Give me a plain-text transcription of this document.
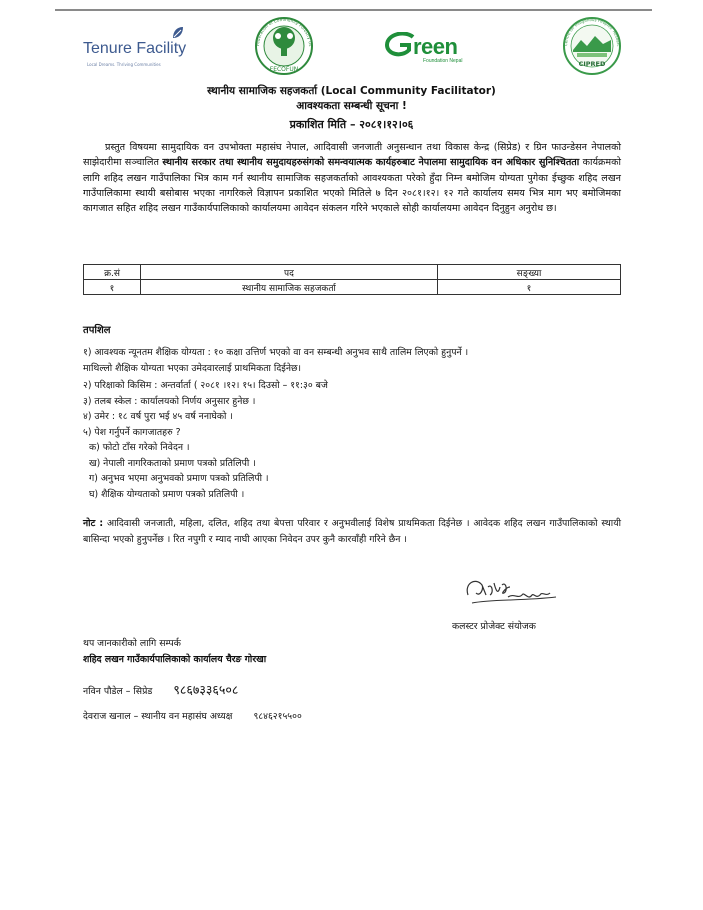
Tenure Facility
Local Dreams. Thriving Communities
Federation of Community Forestry Us
FECOFUN
reen
Foundation Nepal
Centre for Indigenous Peoples' Researc
CIPRED
स्थानीय सामाजिक सहजकर्ता (Local Community Facilitator)
आवश्यकता सम्बन्धी सूचना !
प्रकाशित मिति – २०८१।१२।०६
प्रस्तुत विषयमा सामुदायिक वन उपभोक्ता महासंघ नेपाल, आदिवासी जनजाती अनुसन्धान तथा विकास केन्द्र (सिप्रेड) र ग्रिन फाउन्डेसन नेपालको साझेदारीमा सञ्चालित स्थानीय सरकार तथा स्थानीय समुदायहरुसंगको समन्वयात्मक कार्यहरुबाट नेपालमा सामुदायिक वन अधिकार सुनिश्चितता कार्यक्रमको लागि शहिद लखन गाउँपालिका भित्र काम गर्न स्थानीय सामाजिक सहजकर्ताको आवश्यकता परेको हुँदा निम्न बमोजिम योग्यता पुगेका ईच्छुक शहिद लखन गाउँपालिकामा स्थायी बसोबास भएका नागरिकले विज्ञापन प्रकाशित भएको मितिले ७ दिन २०८१।१२। १२ गते कार्यालय समय भित्र माग भए बमोजिमका कागजात सहित शहिद लखन गाउँकार्यपालिकाको कार्यालयमा आवेदन संकलन गरिने भएकाले सोही कार्यालयमा आवेदन दिनुहुन अनुरोध छ।
क्र.सं	पद	सङ्ख्या
१	स्थानीय सामाजिक सहजकर्ता	१
तपशिल
१) आवश्यक न्यूनतम शैक्षिक योग्यता : १० कक्षा उत्तिर्ण भएको वा वन सम्बन्धी अनुभव साथै तालिम लिएको हुनुपर्ने ।
माथिल्लो शैक्षिक योग्यता भएका उमेदवारलाई प्राथमिकता दिईनेछ।
२) परिक्षाको किसिम : अन्तर्वार्ता ( २०८१ ।१२। १५। दिउसो – ११:३० बजे
३) तलब स्केल : कार्यालयको निर्णय अनुसार हुनेछ ।
४) उमेर : १८ वर्ष पुरा भई ४५ वर्ष ननाघेको ।
५) पेश गर्नुपर्ने कागजातहरु ?
क) फोटो टाँस गरेको निवेदन ।
ख) नेपाली नागरिकताको प्रमाण पत्रको प्रतिलिपी ।
ग) अनुभव भएमा अनुभवको प्रमाण पत्रको प्रतिलिपी ।
घ) शैक्षिक योग्यताको प्रमाण पत्रको प्रतिलिपी ।
नोट : आदिवासी जनजाती, महिला, दलित, शहिद तथा बेपत्ता परिवार र अनुभवीलाई विशेष प्राथमिकता दिईनेछ । आवेदक शहिद लखन गाउँपालिकाको स्थायी बासिन्दा भएको हुनुपर्नेछ । रित नपुगी र म्याद नाघी आएका निवेदन उपर कुनै कारवाँही गरिने छैन ।
कलस्टर प्रोजेक्ट संयोजक
थप जानकारीको लागि सम्पर्क
शहिद लखन गाउँकार्यपालिकाको कार्यालय चैरङ गोरखा
नविन पौडेल – सिप्रेड ९८६७३३६५०८
देवराज खनाल – स्थानीय वन महासंघ अध्यक्ष ९८४६२१५५००
